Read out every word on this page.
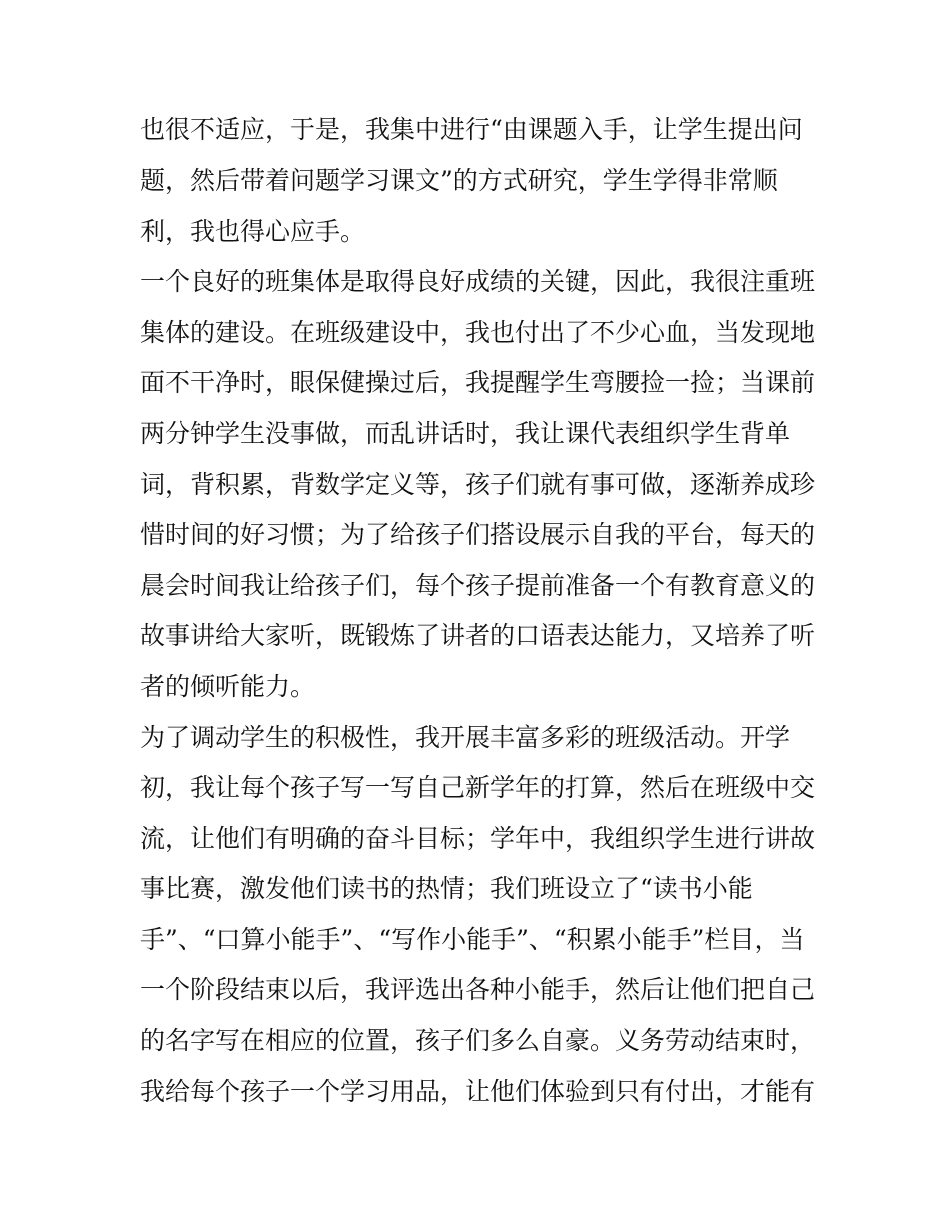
也很不适应，于是，我集中进行“由课题入手，让学生提出问
题，然后带着问题学习课文”的方式研究，学生学得非常顺
利，我也得心应手。
一个良好的班集体是取得良好成绩的关键，因此，我很注重班
集体的建设。在班级建设中，我也付出了不少心血，当发现地
面不干净时，眼保健操过后，我提醒学生弯腰捡一捡；当课前
两分钟学生没事做，而乱讲话时，我让课代表组织学生背单
词，背积累，背数学定义等，孩子们就有事可做，逐渐养成珍
惜时间的好习惯；为了给孩子们搭设展示自我的平台，每天的
晨会时间我让给孩子们，每个孩子提前准备一个有教育意义的
故事讲给大家听，既锻炼了讲者的口语表达能力，又培养了听
者的倾听能力。
为了调动学生的积极性，我开展丰富多彩的班级活动。开学
初，我让每个孩子写一写自己新学年的打算，然后在班级中交
流，让他们有明确的奋斗目标；学年中，我组织学生进行讲故
事比赛，激发他们读书的热情；我们班设立了“读书小能
手”、“口算小能手”、“写作小能手”、“积累小能手”栏目，当
一个阶段结束以后，我评选出各种小能手，然后让他们把自己
的名字写在相应的位置，孩子们多么自豪。义务劳动结束时，
我给每个孩子一个学习用品，让他们体验到只有付出，才能有
